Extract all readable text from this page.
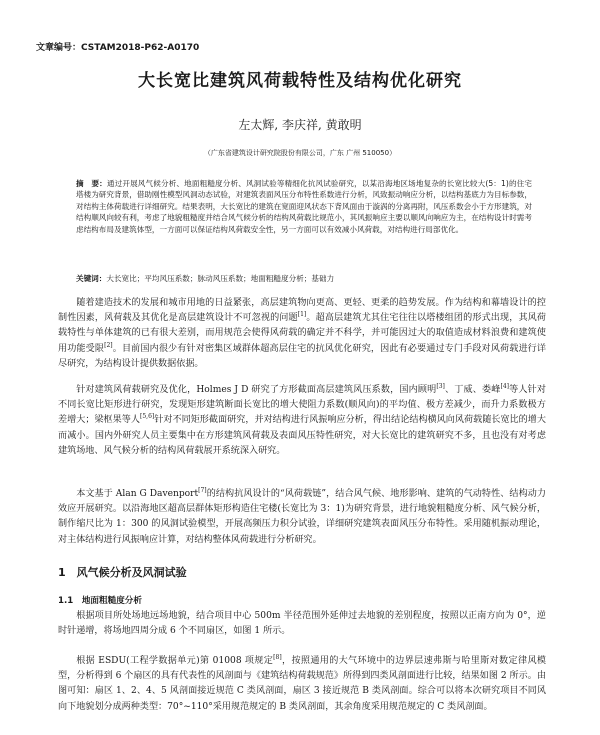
文章编号：CSTAM2018-P62-A0170
大长宽比建筑风荷载特性及结构优化研究
左太辉, 李庆祥, 黄敢明
（广东省建筑设计研究院股份有限公司，广东 广州 510050）
摘　要：通过开展风气候分析、地面粗糙度分析、风洞试验等精细化抗风试验研究，以某沿海地区场地复杂的长宽比较大(5：1)的住宅塔楼为研究背景，借助刚性模型风洞动态试验，对建筑表面风压分布特性系数进行分析，风致振动响应分析，以结构基底力为目标参数，对结构主体荷载进行详细研究。结果表明，大长宽比的建筑在宽面迎风状态下背风面由于漩涡的分离再附，风压系数会小于方形建筑，对结构顺风向较有利，考虑了地貌粗糙度并结合风气候分析的结构风荷载比规范小，其风振响应主要以顺风向响应为主，在结构设计时需考虑结构布局及建筑体型，一方面可以保证结构风荷载安全性，另一方面可以有效减小风荷载，对结构进行局部优化。
关键词：大长宽比；平均风压系数；脉动风压系数；地面粗糙度分析；基础力

随着建造技术的发展和城市用地的日益紧张，高层建筑物向更高、更轻、更柔的趋势发展。作为结构和幕墙设计的控制性因素，风荷载及其优化是高层建筑设计不可忽视的问题[1]。超高层建筑尤其住宅往往以塔楼组团的形式出现，其风荷载特性与单体建筑的已有很大差别，而用规范会使得风荷载的确定并不科学，并可能因过大的取值造成材料浪费和建筑使用功能受限[2]。目前国内很少有针对密集区域群体超高层住宅的抗风优化研究，因此有必要通过专门手段对风荷载进行详尽研究，为结构设计提供数据依据。

针对建筑风荷载研究及优化，Holmes J D 研究了方形截面高层建筑风压系数，国内顾明[3]、丁威、娄峰[4]等人针对不同长宽比矩形进行研究，发现矩形建筑断面长宽比的增大使阻力系数(顺风向)的平均值、极方差减少，而升力系数极方差增大；梁枢果等人[5,6]针对不同矩形截面研究，并对结构进行风振响应分析，得出结论结构横风向风荷载随长宽比的增大而减小。国内外研究人员主要集中在方形建筑风荷载及表面风压特性研究，对大长宽比的建筑研究不多，且也没有对考虑建筑场地、风气候分析的结构风荷载展开系统深入研究。

本文基于 Alan G Davenport[7]的结构抗风设计的“风荷载链”，结合风气候、地形影响、建筑的气动特性、结构动力效应开展研究。以沿海地区超高层群体矩形构造住宅楼(长宽比为 3：1)为研究背景，进行地貌粗糙度分析、风气候分析，制作缩尺比为 1：300 的风洞试验模型，开展高频压力积分试验，详细研究建筑表面风压分布特性。采用随机振动理论，对主体结构进行风振响应计算，对结构整体风荷载进行分析研究。

1　风气候分析及风洞试验
1.1　地面粗糙度分析

根据项目所处场地远场地貌，结合项目中心 500m 半径范围外延伸过去地貌的差别程度，按照以正南方向为 0°，逆时针递增，将场地四周分成 6 个不同扇区，如图 1 所示。

根据 ESDU(工程学数据单元)第 01008 项规定[8]，按照通用的大气环境中的边界层速弗斯与哈里斯对数定律风模型，分析得到 6 个扇区的具有代表性的风剖面与《建筑结构荷载规范》所得到四类风剖面进行比较，结果如图 2 所示。由图可知：扇区 1、2、4、5 风剖面接近规范 C 类风剖面，扇区 3 接近规范 B 类风剖面。综合可以将本次研究项目不同风向下地貌划分成两种类型：70°~110°采用规范规定的 B 类风剖面，其余角度采用规范规定的 C 类风剖面。
